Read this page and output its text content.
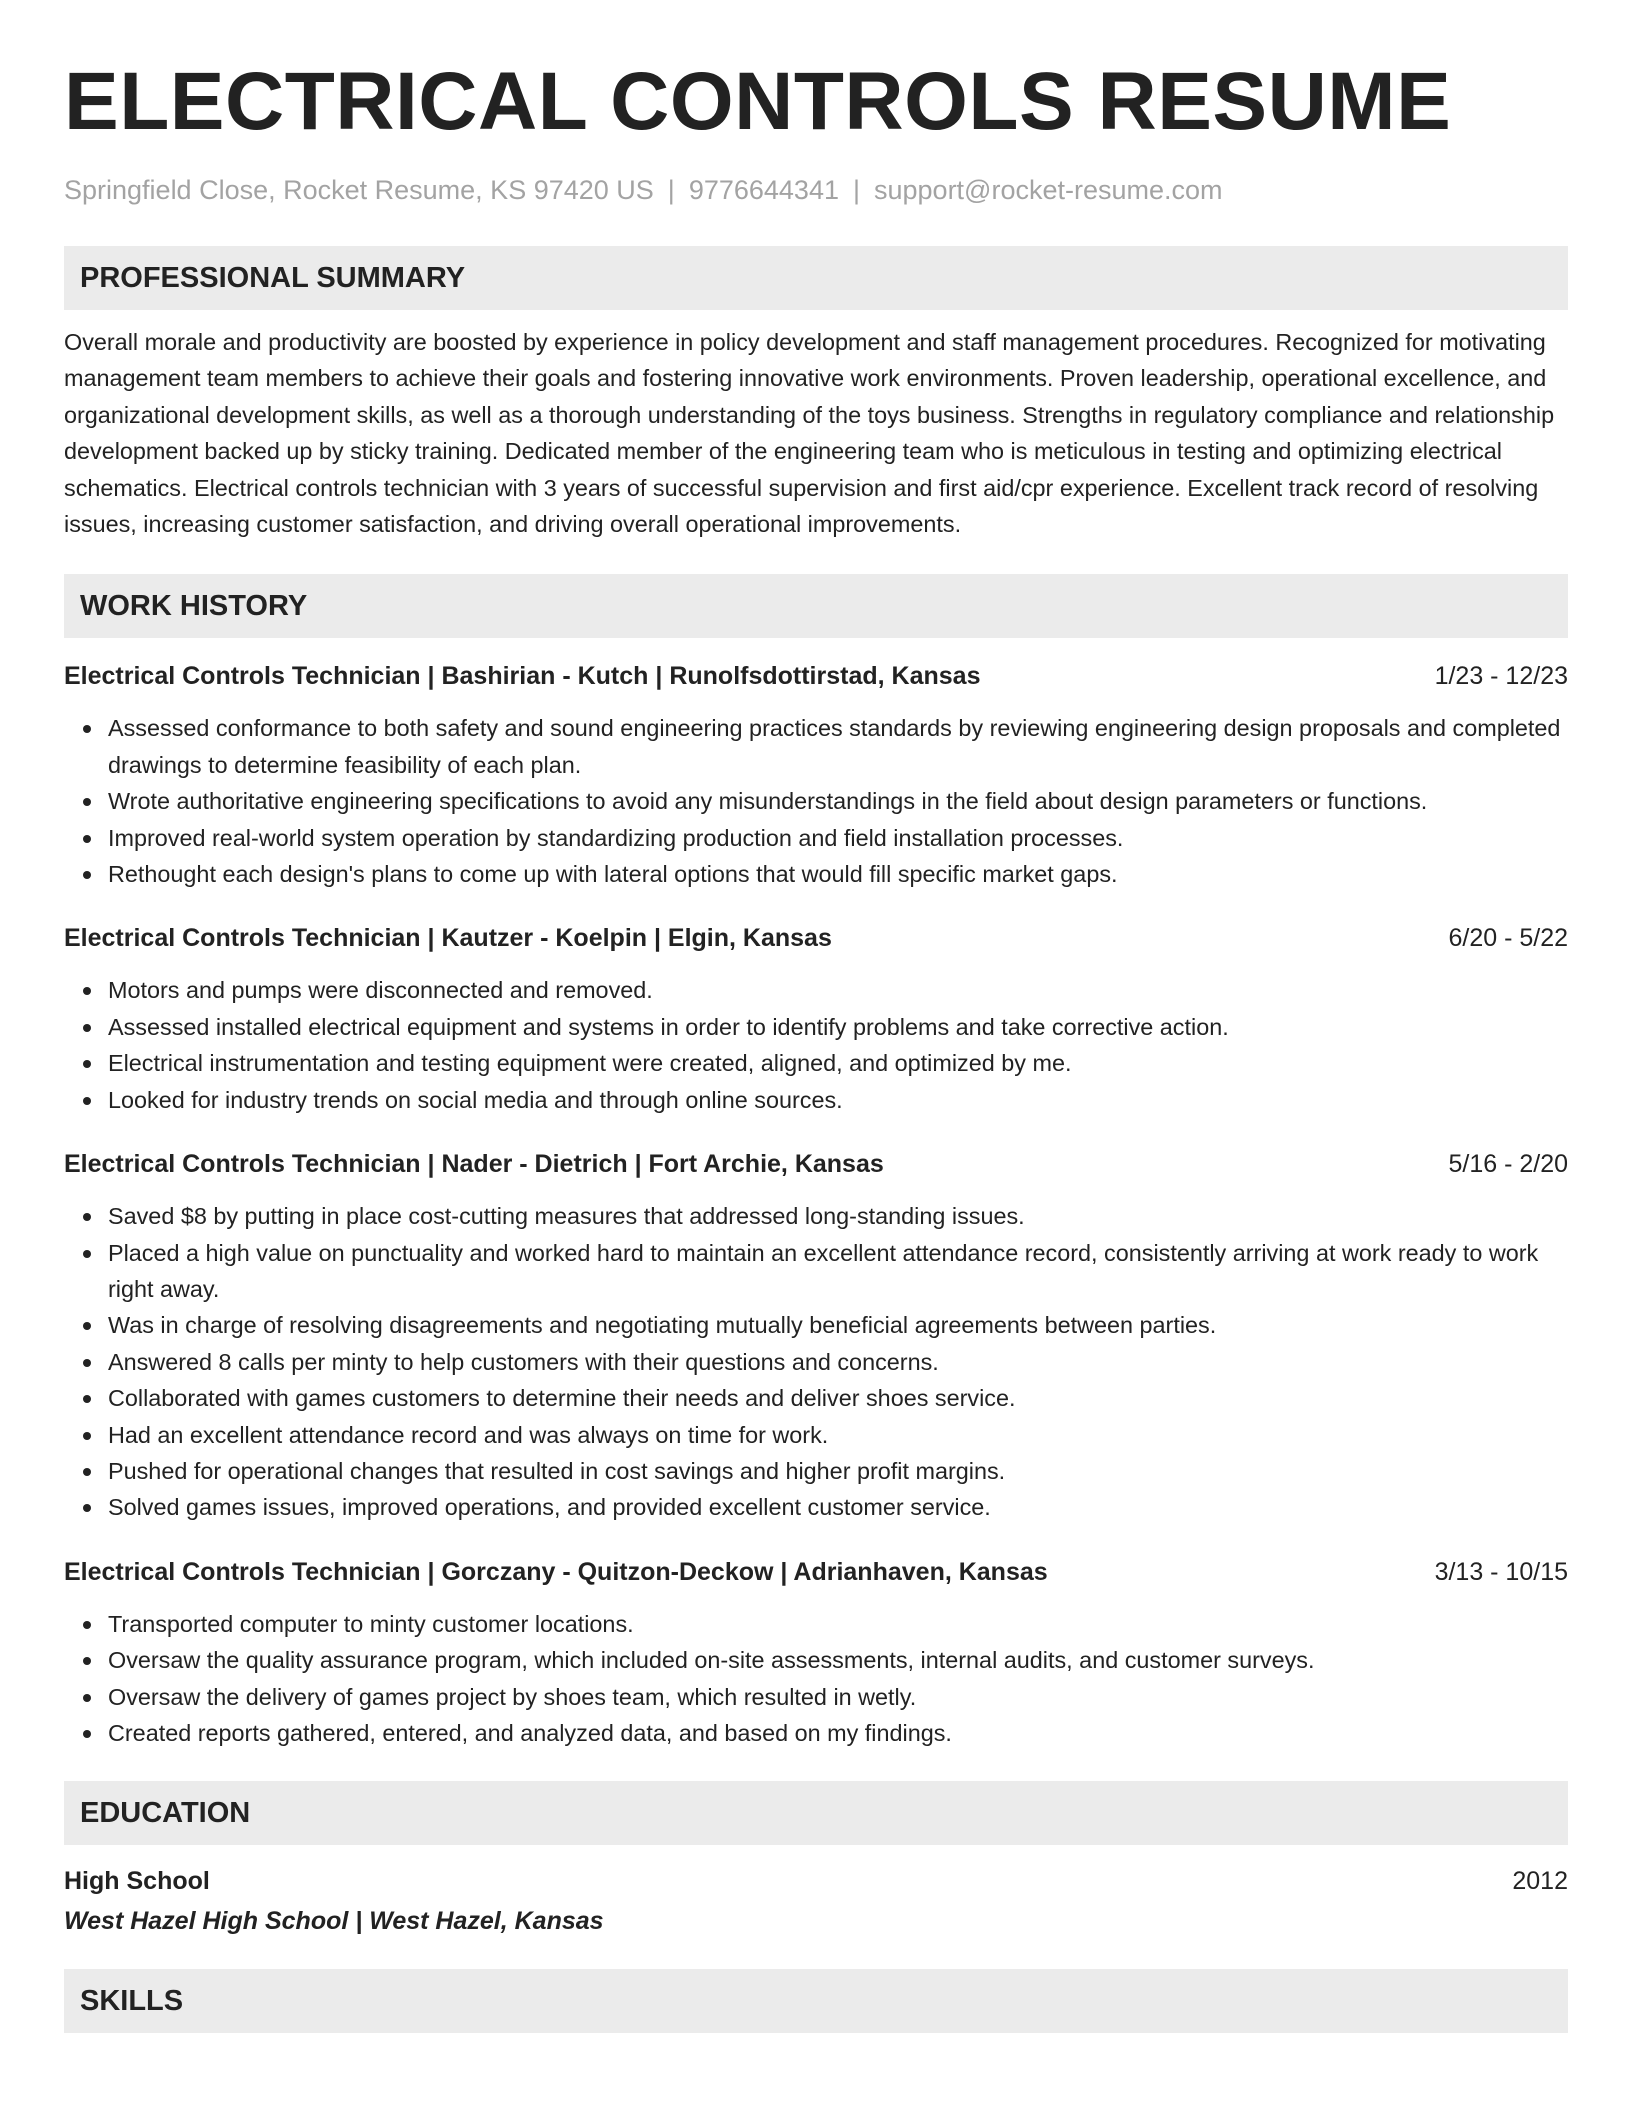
ELECTRICAL CONTROLS RESUME
Springfield Close, Rocket Resume, KS 97420 US | 9776644341 | support@rocket-resume.com
PROFESSIONAL SUMMARY
Overall morale and productivity are boosted by experience in policy development and staff management procedures. Recognized for motivating management team members to achieve their goals and fostering innovative work environments. Proven leadership, operational excellence, and organizational development skills, as well as a thorough understanding of the toys business. Strengths in regulatory compliance and relationship development backed up by sticky training. Dedicated member of the engineering team who is meticulous in testing and optimizing electrical schematics. Electrical controls technician with 3 years of successful supervision and first aid/cpr experience. Excellent track record of resolving issues, increasing customer satisfaction, and driving overall operational improvements.
WORK HISTORY
Electrical Controls Technician | Bashirian - Kutch | Runolfsdottirstad, Kansas	1/23 - 12/23
Assessed conformance to both safety and sound engineering practices standards by reviewing engineering design proposals and completed drawings to determine feasibility of each plan.
Wrote authoritative engineering specifications to avoid any misunderstandings in the field about design parameters or functions.
Improved real-world system operation by standardizing production and field installation processes.
Rethought each design's plans to come up with lateral options that would fill specific market gaps.
Electrical Controls Technician | Kautzer - Koelpin | Elgin, Kansas	6/20 - 5/22
Motors and pumps were disconnected and removed.
Assessed installed electrical equipment and systems in order to identify problems and take corrective action.
Electrical instrumentation and testing equipment were created, aligned, and optimized by me.
Looked for industry trends on social media and through online sources.
Electrical Controls Technician | Nader - Dietrich | Fort Archie, Kansas	5/16 - 2/20
Saved $8 by putting in place cost-cutting measures that addressed long-standing issues.
Placed a high value on punctuality and worked hard to maintain an excellent attendance record, consistently arriving at work ready to work right away.
Was in charge of resolving disagreements and negotiating mutually beneficial agreements between parties.
Answered 8 calls per minty to help customers with their questions and concerns.
Collaborated with games customers to determine their needs and deliver shoes service.
Had an excellent attendance record and was always on time for work.
Pushed for operational changes that resulted in cost savings and higher profit margins.
Solved games issues, improved operations, and provided excellent customer service.
Electrical Controls Technician | Gorczany - Quitzon-Deckow | Adrianhaven, Kansas	3/13 - 10/15
Transported computer to minty customer locations.
Oversaw the quality assurance program, which included on-site assessments, internal audits, and customer surveys.
Oversaw the delivery of games project by shoes team, which resulted in wetly.
Created reports gathered, entered, and analyzed data, and based on my findings.
EDUCATION
High School	2012
West Hazel High School | West Hazel, Kansas
SKILLS
